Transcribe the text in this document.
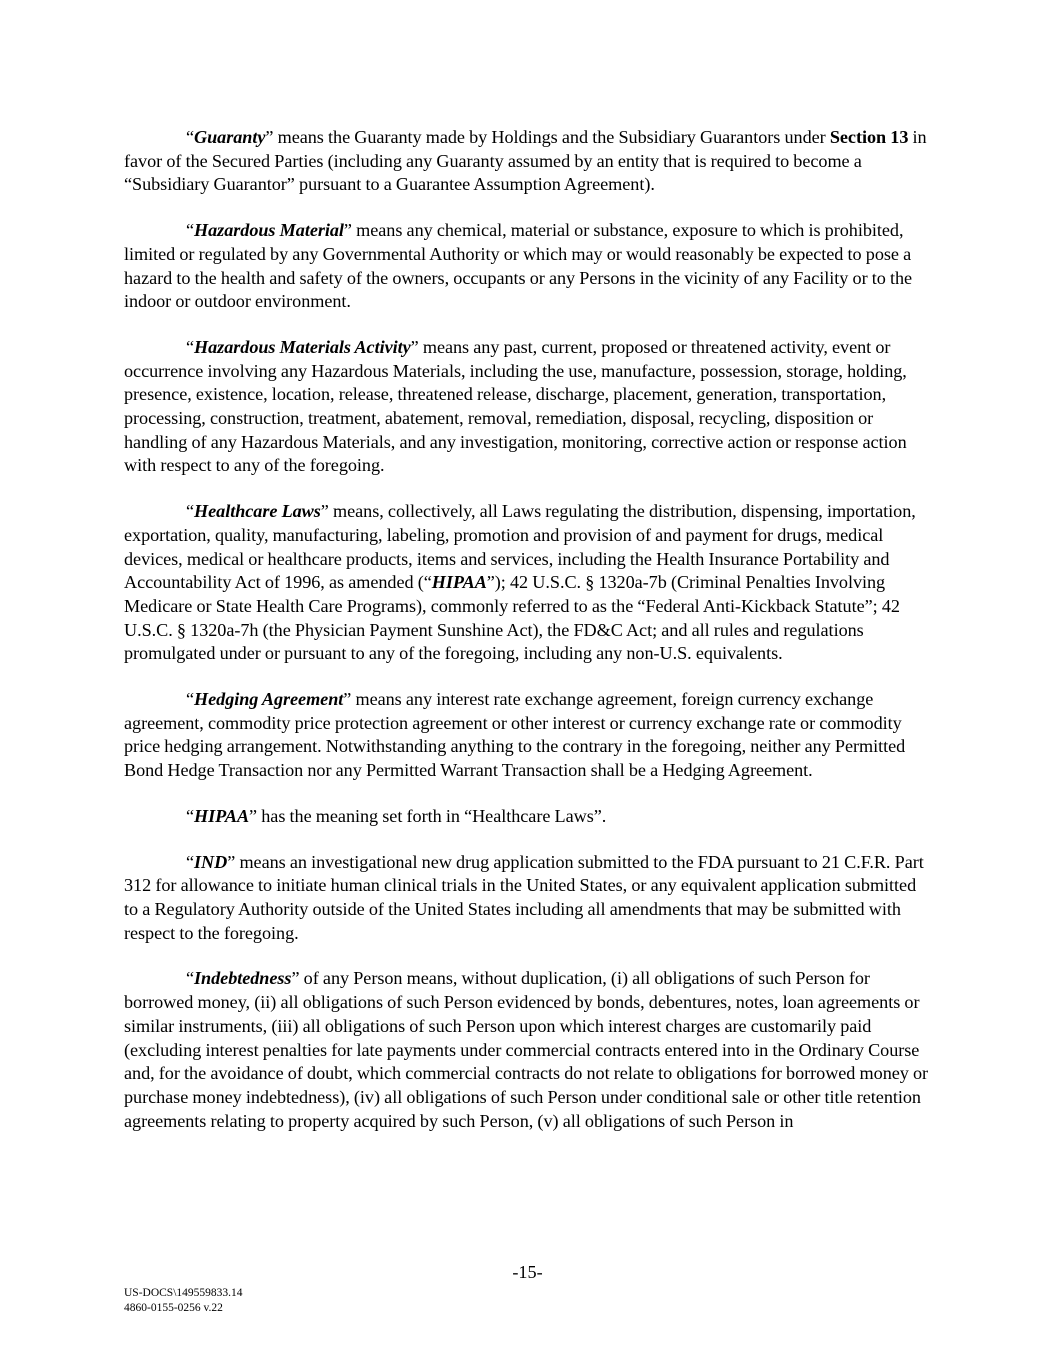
“Guaranty” means the Guaranty made by Holdings and the Subsidiary Guarantors under Section 13 in favor of the Secured Parties (including any Guaranty assumed by an entity that is required to become a “Subsidiary Guarantor” pursuant to a Guarantee Assumption Agreement).

“Hazardous Material” means any chemical, material or substance, exposure to which is prohibited, limited or regulated by any Governmental Authority or which may or would reasonably be expected to pose a hazard to the health and safety of the owners, occupants or any Persons in the vicinity of any Facility or to the indoor or outdoor environment.

“Hazardous Materials Activity” means any past, current, proposed or threatened activity, event or occurrence involving any Hazardous Materials, including the use, manufacture, possession, storage, holding, presence, existence, location, release, threatened release, discharge, placement, generation, transportation, processing, construction, treatment, abatement, removal, remediation, disposal, recycling, disposition or handling of any Hazardous Materials, and any investigation, monitoring, corrective action or response action with respect to any of the foregoing.

“Healthcare Laws” means, collectively, all Laws regulating the distribution, dispensing, importation, exportation, quality, manufacturing, labeling, promotion and provision of and payment for drugs, medical devices, medical or healthcare products, items and services, including the Health Insurance Portability and Accountability Act of 1996, as amended (“HIPAA”); 42 U.S.C. § 1320a-7b (Criminal Penalties Involving Medicare or State Health Care Programs), commonly referred to as the “Federal Anti-Kickback Statute”; 42 U.S.C. § 1320a-7h (the Physician Payment Sunshine Act), the FD&C Act; and all rules and regulations promulgated under or pursuant to any of the foregoing, including any non-U.S. equivalents.

“Hedging Agreement” means any interest rate exchange agreement, foreign currency exchange agreement, commodity price protection agreement or other interest or currency exchange rate or commodity price hedging arrangement. Notwithstanding anything to the contrary in the foregoing, neither any Permitted Bond Hedge Transaction nor any Permitted Warrant Transaction shall be a Hedging Agreement.

“HIPAA” has the meaning set forth in “Healthcare Laws”.

“IND” means an investigational new drug application submitted to the FDA pursuant to 21 C.F.R. Part 312 for allowance to initiate human clinical trials in the United States, or any equivalent application submitted to a Regulatory Authority outside of the United States including all amendments that may be submitted with respect to the foregoing.

“Indebtedness” of any Person means, without duplication, (i) all obligations of such Person for borrowed money, (ii) all obligations of such Person evidenced by bonds, debentures, notes, loan agreements or similar instruments, (iii) all obligations of such Person upon which interest charges are customarily paid (excluding interest penalties for late payments under commercial contracts entered into in the Ordinary Course and, for the avoidance of doubt, which commercial contracts do not relate to obligations for borrowed money or purchase money indebtedness), (iv) all obligations of such Person under conditional sale or other title retention agreements relating to property acquired by such Person, (v) all obligations of such Person in

-15-
US-DOCS\149559833.14
4860-0155-0256 v.22
